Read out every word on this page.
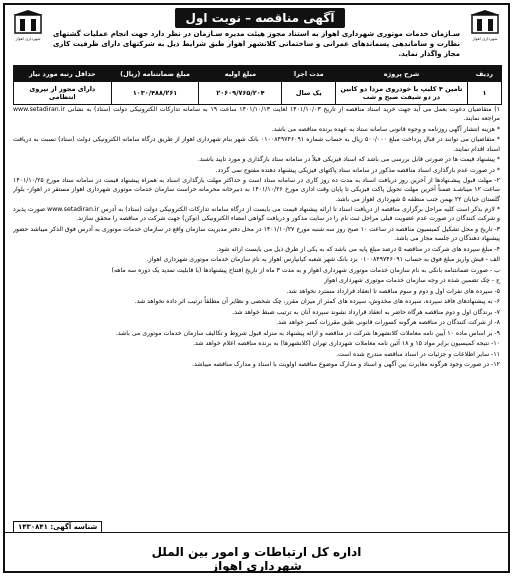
شهرداری اهواز
آگهی مناقصه – نوبت اول
شهرداری اهواز
سـازمان خدمات موتوری شهرداری اهواز به استناد مجوز هیئت مدیره سـازمان در نظر دارد جهت انجام عملیات گشتهای نظارت و ساماندهی پسماندهای عمرانی و ساختمانی کلانشهر اهواز طبق شرایط ذیل به شرکتهای دارای ظرفیت کاری مجاز واگذار نماید.
ردیف	شرح پروژه	مدت اجرا	مبلغ اولیه	مبلغ ضمانتنامه (ریال)	حداقل رتبه مورد نیاز
۱	تامین ۴ کلیپ با خودروی مزدا دو کابین در دو شیفت صبح و شب	یک سال	۲۰۶۰۹/۷۶۵/۲۰۴	۱۰۳۰/۴۸۸/۲۶۱	دارای مجوز از نیروی انتظامی

۱) متقاضیان دعوت بعمل می آید جهت خرید اسناد مناقصه از تاریخ ۱۴۰۱/۱۰/۰۳ لغایت ۱۴۰۱/۱۰/۱۳ ساعت ۱۹ به سامانه تدارکات الکترونیکی دولت (ستاد) به نشانی www.setadiran.ir مراجعه نمایند.

* هزینه انتشار آگهی روزنامه و وجوه قانونی سامانه ستاد به عهده برنده مناقصه می باشد.

* متقاضیان می توانند در قبال پرداخت مبلغ ۵۰۰/۰۰۰ ریال به حساب شماره ۰۱۰۰۸۴۹۷۴۶۰۹۱ بانک شهر بنام شهرداری اهواز از طریق درگاه سامانه الکترونیکی دولت (ستاد) نسبت به دریافت اسناد اقدام نمایند.

* پیشنهاد قیمت ها در صورتی قابل بررسی می باشد که اسناد فیزیکی قبلاً در سامانه ستاد بارگذاری و مورد تایید باشند.

* در صورت عدم بارگذاری اسناد مناقصه مذکور در سامانه ستاد پاکتهای فیزیکی پیشنهاد دهنده مفتوح نمی گردد.

۲- مهلت قبول پیشـنهادها از آخرین روز دریافت اسناد به مدت ده روز کاری در سامانه ستاد است و حداکثر مهلت بارگذاری اسناد به همراه پیشنهاد قیمت در سامانه ستاد مورخ ۱۴۰۱/۱۰/۲۵ ساعت ۱۲ میباشـد ضمناً آخرین مهلت تحویل پاکت فیزیکی تا پایان وقت اداری مورخ ۱۴۰۱/۱۰/۲۶ به دبیرخانه محرمانه حراست سازمان خدمات موتوری شهرداری اهواز مستقر در اهواز- بلوار گلستان خیابان ۲۲ بهمن جنب منطقه ۵ شهرداری اهواز می باشد.

* لازم بذکر است کلیه مراحل برگزاری مناقصه از دریافت اسناد تا ارائه پیشنهاد قیمت می بایست از درگاه سامانه تدارکات الکترونیکی دولت (ستاد) به آدرس www.setadiran.ir صورت پذیرد و شرکت کنندگان در صورت عدم عضویت قبلی مراحل ثبت نام را در سایت مذکور و دریافت گواهی امضاء الکترونیکی (توکن) جهت شرکت در مناقصه را محقق سازند.

۳- تاریخ و محل تشکیل کمیسیون مناقصه در ساعت ۱۰ صبح روز سه شنبه مورخ ۱۴۰۱/۱۰/۲۷ در محل دفتر مدیریت سازمان واقع در سازمان خدمات موتوری به آدرس فوق الذکر میباشد حضور پیشنهاد دهندگان در جلسه مجاز می باشد.

۴- مبلغ سپرده های شرکت در مناقصه ۵ درصد مبلغ پایه می باشد که به یکی از طرق ذیل می بایست ارائه شود.

الف - فیش واریز مبلغ فوق به حساب ۰۱۰۰۸۴۹۷۴۶۰۹۱ نزد بانک شهر شعبه کیانپارس اهواز به نام سازمان خدمات موتوری شهرداری اهواز.

ب - صورت ضمانتنامه بانکی به نام سازمان خدمات موتوری شهرداری اهواز و به مدت ۳ ماه از تاریخ افتتاح پیشنهادها (با قابلیت تمدید یک دوره سه ماهه)

ج - چک تضمین شده در وجه سازمان خدمات موتوری شهرداری اهواز

۵- سپرده های نفرات اول و دوم و سوم مناقصه تا انعقاد قرارداد مسترد نخواهد شد.

۶- به پیشنهادهای فاقد سپرده، سپرده های مخدوش، سپرده های کمتر از میزان مقرر، چک شخصی و نظایر آن مطلقاً ترتیب اثر داده نخواهد شد.

۷- برندگان اول و دوم مناقصه هرگاه حاضر به انعقاد قرارداد نشوند سپرده آنان به ترتیب ضبط خواهد شد.

۸- از شرکت کنندگان در مناقصه هرگونه کسورات قانونی طبق مقررات کسر خواهد شد.

۹- بر اساس ماده ۱۰ آیین نامه معاملات کلانشهرها شرکت در مناقصه و ارائه پیشنهاد به منزله قبول شروط و تکالیف سازمان خدمات موتوری می باشد.

۱۰- نتیجه کمیسیون برابر مواد ۱۵ و ۱۸ آئین نامه معاملات شهرداری تهران (کلانشهرها) به برنده مناقصه اعلام خواهد شد.

۱۱- سایر اطلاعات و جزئیات در اسناد مناقصه مندرج شده است.

۱۲- در صورت وجود هرگونه مغایرت بین آگهی و اسناد و مدارک موضوع مناقصه اولویت با اسناد و مدارک مناقصه میباشد.

شناسه آگهی: ۱۴۳۰۸۴۱
اداره کل ارتباطات و امور بین الملل شهرداری اهواز
